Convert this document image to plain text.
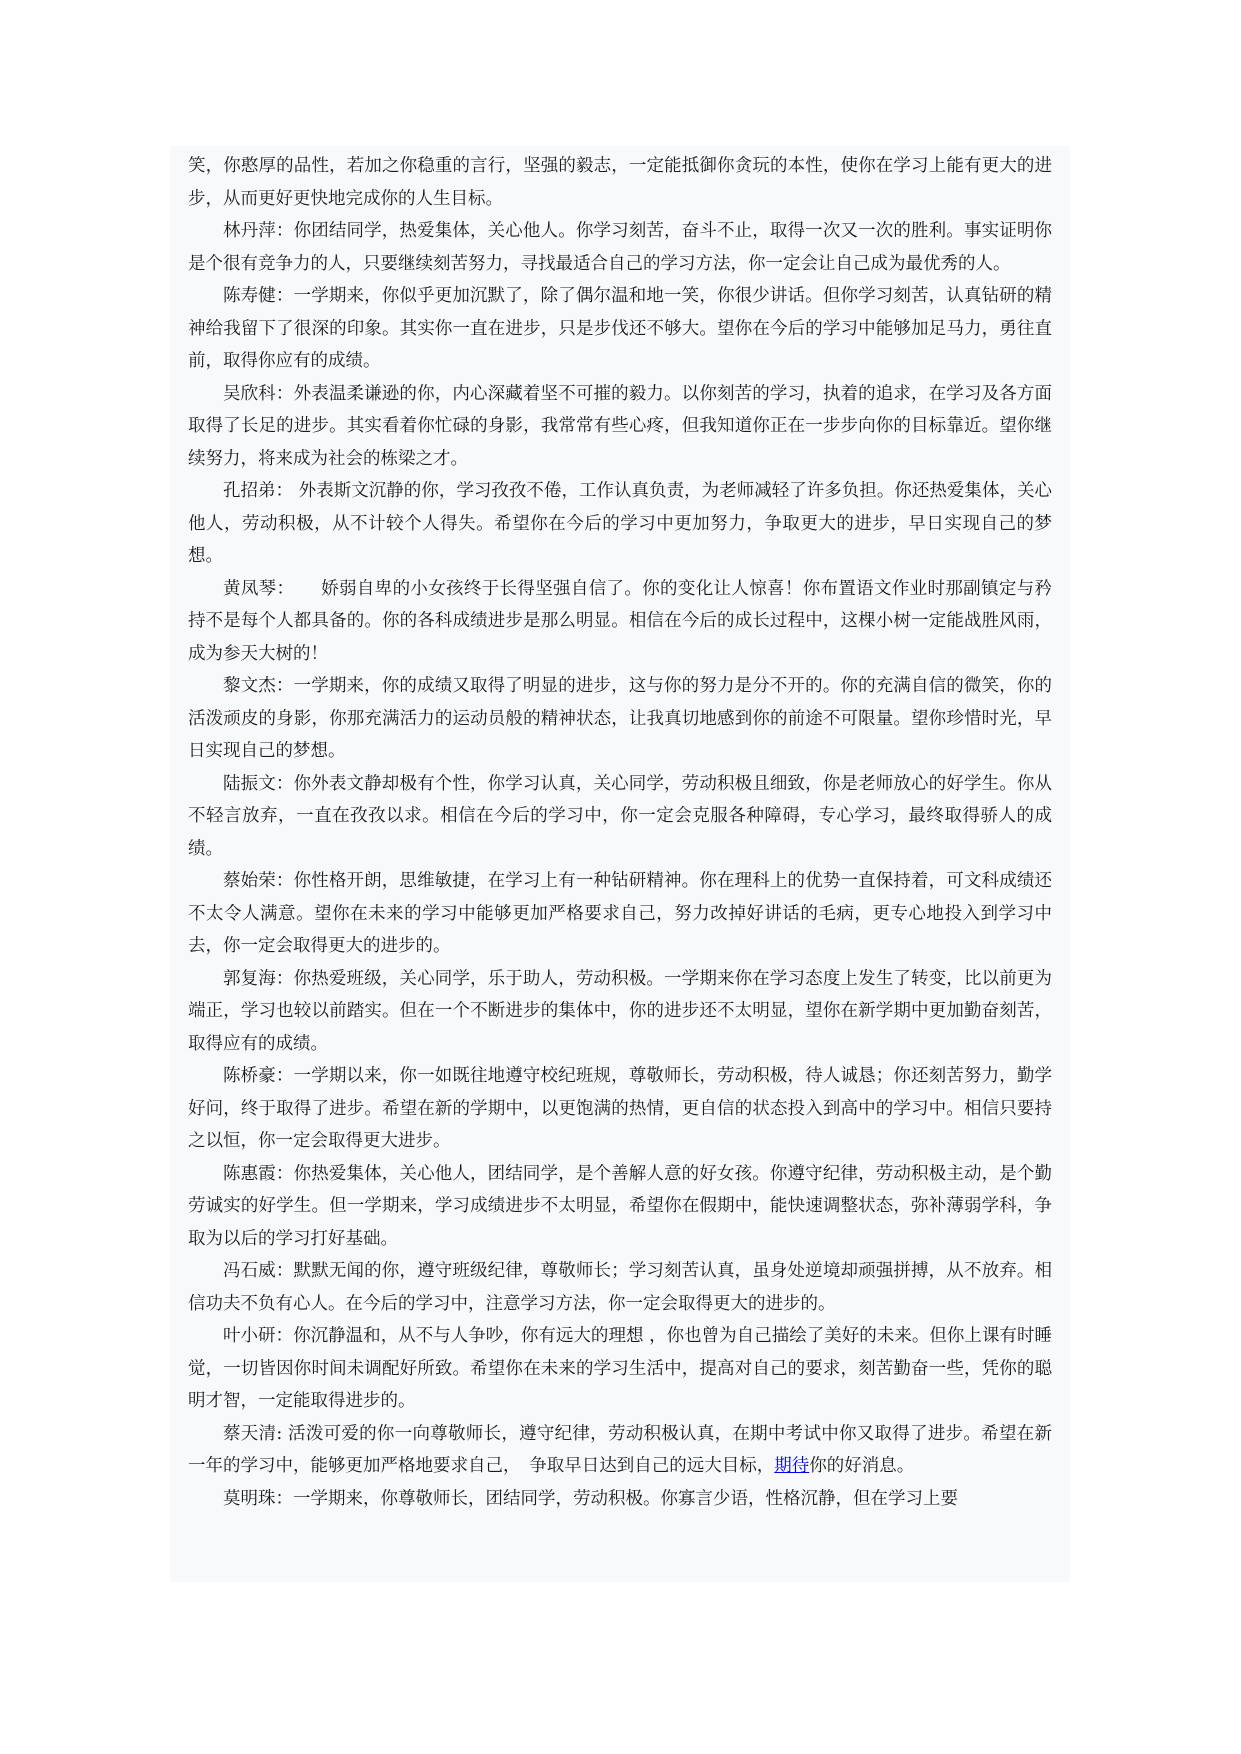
笑，你憨厚的品性，若加之你稳重的言行，坚强的毅志，一定能抵御你贪玩的本性，使你在学习上能有更大的进步，从而更好更快地完成你的人生目标。

林丹萍：你团结同学，热爱集体，关心他人。你学习刻苦，奋斗不止，取得一次又一次的胜利。事实证明你是个很有竞争力的人，只要继续刻苦努力，寻找最适合自己的学习方法，你一定会让自己成为最优秀的人。

陈寿健：一学期来，你似乎更加沉默了，除了偶尔温和地一笑，你很少讲话。但你学习刻苦，认真钻研的精神给我留下了很深的印象。其实你一直在进步，只是步伐还不够大。望你在今后的学习中能够加足马力，勇往直前，取得你应有的成绩。

吴欣科：外表温柔谦逊的你，内心深藏着坚不可摧的毅力。以你刻苦的学习，执着的追求，在学习及各方面取得了长足的进步。其实看着你忙碌的身影，我常常有些心疼，但我知道你正在一步步向你的目标靠近。望你继续努力，将来成为社会的栋梁之才。

孔招弟： 外表斯文沉静的你，学习孜孜不倦，工作认真负责，为老师减轻了许多负担。你还热爱集体，关心他人，劳动积极，从不计较个人得失。希望你在今后的学习中更加努力，争取更大的进步，早日实现自己的梦想。

黄凤琴：　　娇弱自卑的小女孩终于长得坚强自信了。你的变化让人惊喜！你布置语文作业时那副镇定与矜持不是每个人都具备的。你的各科成绩进步是那么明显。相信在今后的成长过程中，这棵小树一定能战胜风雨，成为参天大树的！

黎文杰：一学期来，你的成绩又取得了明显的进步，这与你的努力是分不开的。你的充满自信的微笑，你的活泼顽皮的身影，你那充满活力的运动员般的精神状态，让我真切地感到你的前途不可限量。望你珍惜时光，早日实现自己的梦想。

陆振文：你外表文静却极有个性，你学习认真，关心同学，劳动积极且细致，你是老师放心的好学生。你从不轻言放弃，一直在孜孜以求。相信在今后的学习中，你一定会克服各种障碍，专心学习，最终取得骄人的成绩。

蔡始荣：你性格开朗，思维敏捷，在学习上有一种钻研精神。你在理科上的优势一直保持着，可文科成绩还不太令人满意。望你在未来的学习中能够更加严格要求自己，努力改掉好讲话的毛病，更专心地投入到学习中去，你一定会取得更大的进步的。

郭复海：你热爱班级，关心同学，乐于助人，劳动积极。一学期来你在学习态度上发生了转变，比以前更为端正，学习也较以前踏实。但在一个不断进步的集体中，你的进步还不太明显，望你在新学期中更加勤奋刻苦，取得应有的成绩。

陈桥豪：一学期以来，你一如既往地遵守校纪班规，尊敬师长，劳动积极，待人诚恳；你还刻苦努力，勤学好问，终于取得了进步。希望在新的学期中，以更饱满的热情，更自信的状态投入到高中的学习中。相信只要持之以恒，你一定会取得更大进步。

陈惠霞：你热爱集体，关心他人，团结同学，是个善解人意的好女孩。你遵守纪律，劳动积极主动，是个勤劳诚实的好学生。但一学期来，学习成绩进步不太明显，希望你在假期中，能快速调整状态，弥补薄弱学科，争取为以后的学习打好基础。

冯石威：默默无闻的你，遵守班级纪律，尊敬师长；学习刻苦认真，虽身处逆境却顽强拼搏，从不放弃。相信功夫不负有心人。在今后的学习中，注意学习方法，你一定会取得更大的进步的。

叶小研：你沉静温和，从不与人争吵，你有远大的理想 ，你也曾为自己描绘了美好的未来。但你上课有时睡觉，一切皆因你时间未调配好所致。希望你在未来的学习生活中，提高对自己的要求，刻苦勤奋一些，凭你的聪明才智，一定能取得进步的。

蔡天清: 活泼可爱的你一向尊敬师长，遵守纪律，劳动积极认真，在期中考试中你又取得了进步。希望在新一年的学习中，能够更加严格地要求自己，　争取早日达到自己的远大目标，期待你的好消息。

莫明珠：一学期来，你尊敬师长，团结同学，劳动积极。你寡言少语，性格沉静，但在学习上要
